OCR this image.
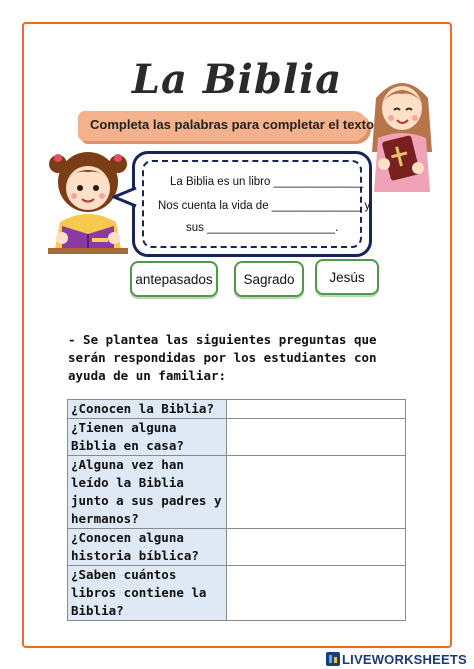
La Biblia
Completa las palabras para completar el texto
La Biblia es un libro ______________
Nos cuenta la vida de ______________ y
sus ____________________.
antepasados	Sagrado	Jesús

- Se plantea las siguientes preguntas que serán respondidas por los estudiantes con ayuda de un familiar:

¿Conocen la Biblia?	

¿Tienen alguna Biblia en casa?	

¿Alguna vez han leído la Biblia junto a sus padres y hermanos?	

¿Conocen alguna historia bíblica?	

¿Saben cuántos libros contiene la Biblia?	
LIVEWORKSHEETS
